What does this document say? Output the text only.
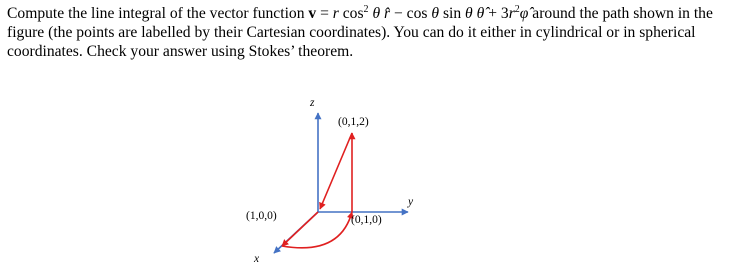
Compute the line integral of the vector function v = r $\cos^2 \theta$ r̂ − cos θ sin θ θ̂ + $3r^2\varphî$ around the path shown in the figure (the points are labelled by their Cartesian coordinates). You can do it either in cylindrical or in spherical coordinates. Check your answer using Stokes’ theorem.

z
y
x
(0,1,2)
(1,0,0)	(0,1,0)
